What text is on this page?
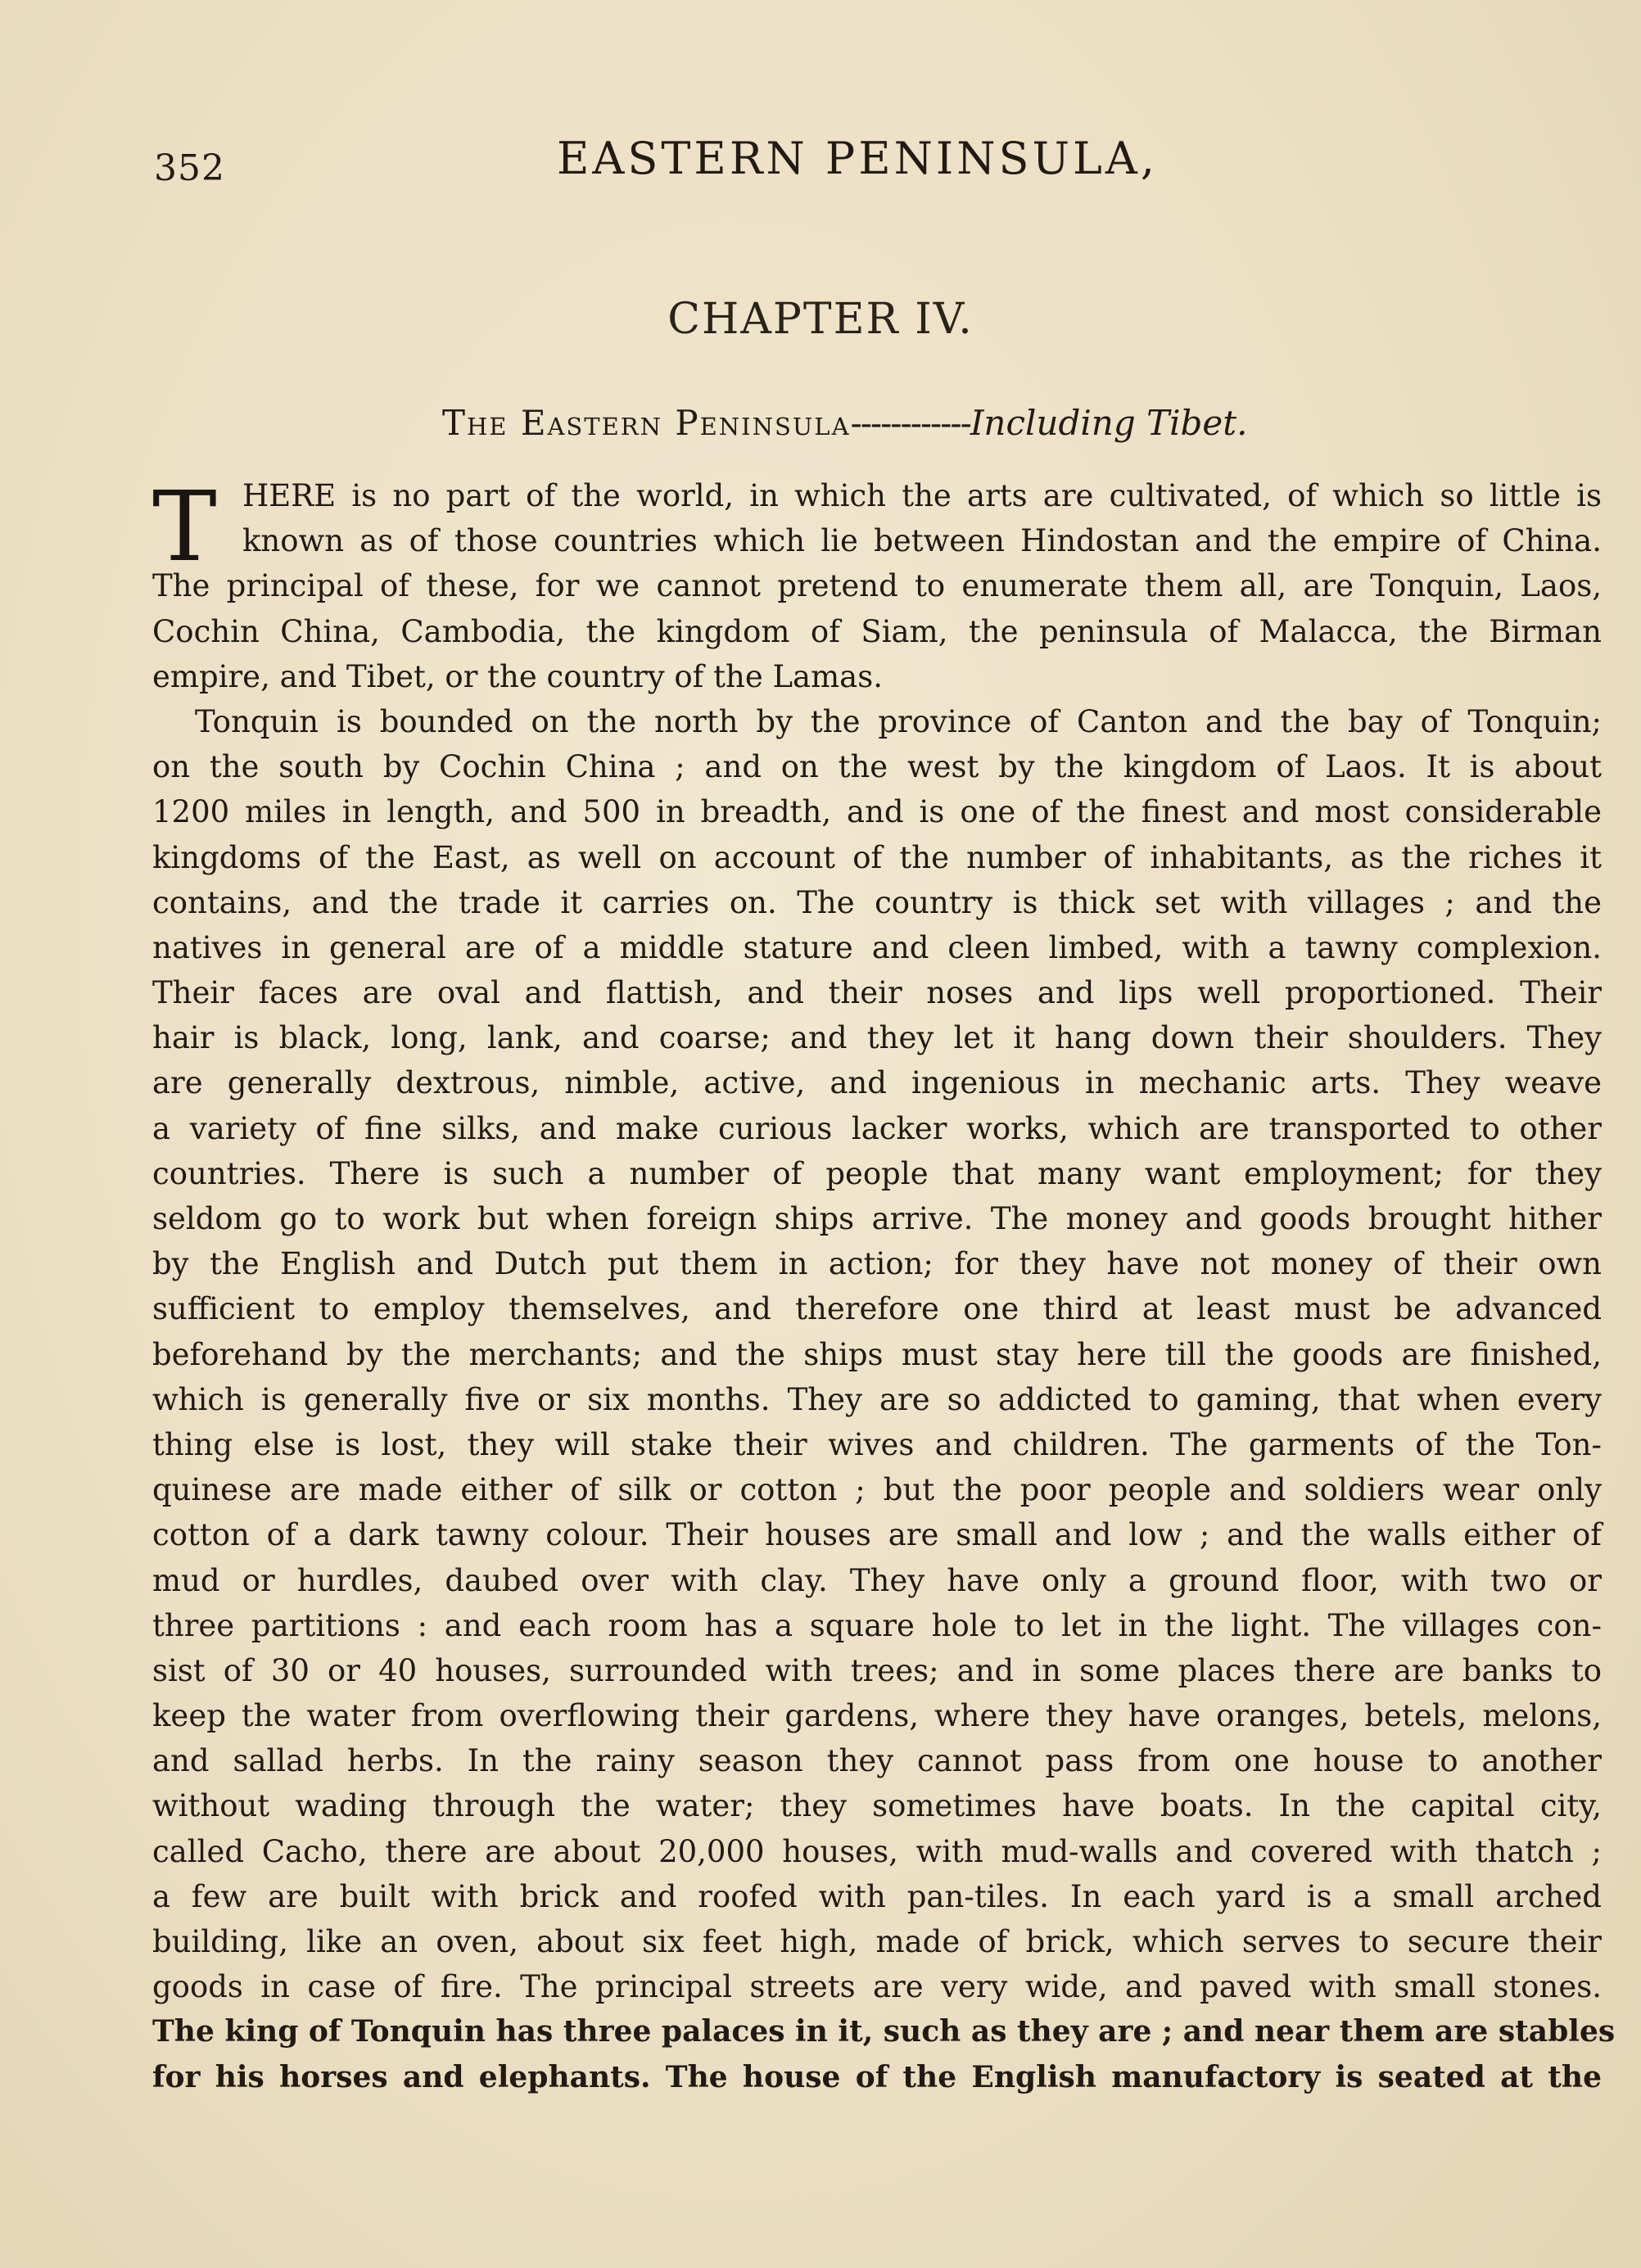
352	EASTERN PENINSULA,
CHAPTER IV.
The Eastern Peninsula------------Including Tibet.
T HERE is no part of the world, in which the arts are cultivated, of which so little is
known as of those countries which lie between Hindostan and the empire of China.
The principal of these, for we cannot pretend to enumerate them all, are Tonquin, Laos,
Cochin China, Cambodia, the kingdom of Siam, the peninsula of Malacca, the Birman
empire, and Tibet, or the country of the Lamas.
Tonquin is bounded on the north by the province of Canton and the bay of Tonquin;
on the south by Cochin China ; and on the west by the kingdom of Laos. It is about
1200 miles in length, and 500 in breadth, and is one of the finest and most considerable
kingdoms of the East, as well on account of the number of inhabitants, as the riches it
contains, and the trade it carries on. The country is thick set with villages ; and the
natives in general are of a middle stature and cleen limbed, with a tawny complexion.
Their faces are oval and flattish, and their noses and lips well proportioned. Their
hair is black, long, lank, and coarse; and they let it hang down their shoulders. They
are generally dextrous, nimble, active, and ingenious in mechanic arts. They weave
a variety of fine silks, and make curious lacker works, which are transported to other
countries. There is such a number of people that many want employment; for they
seldom go to work but when foreign ships arrive. The money and goods brought hither
by the English and Dutch put them in action; for they have not money of their own
sufficient to employ themselves, and therefore one third at least must be advanced
beforehand by the merchants; and the ships must stay here till the goods are finished,
which is generally five or six months. They are so addicted to gaming, that when every
thing else is lost, they will stake their wives and children. The garments of the Ton-
quinese are made either of silk or cotton ; but the poor people and soldiers wear only
cotton of a dark tawny colour. Their houses are small and low ; and the walls either of
mud or hurdles, daubed over with clay. They have only a ground floor, with two or
three partitions : and each room has a square hole to let in the light. The villages con-
sist of 30 or 40 houses, surrounded with trees; and in some places there are banks to
keep the water from overflowing their gardens, where they have oranges, betels, melons,
and sallad herbs. In the rainy season they cannot pass from one house to another
without wading through the water; they sometimes have boats. In the capital city,
called Cacho, there are about 20,000 houses, with mud-walls and covered with thatch ;
a few are built with brick and roofed with pan-tiles. In each yard is a small arched
building, like an oven, about six feet high, made of brick, which serves to secure their
goods in case of fire. The principal streets are very wide, and paved with small stones.
The king of Tonquin has three palaces in it, such as they are ; and near them are stables
for his horses and elephants. The house of the English manufactory is seated at the
